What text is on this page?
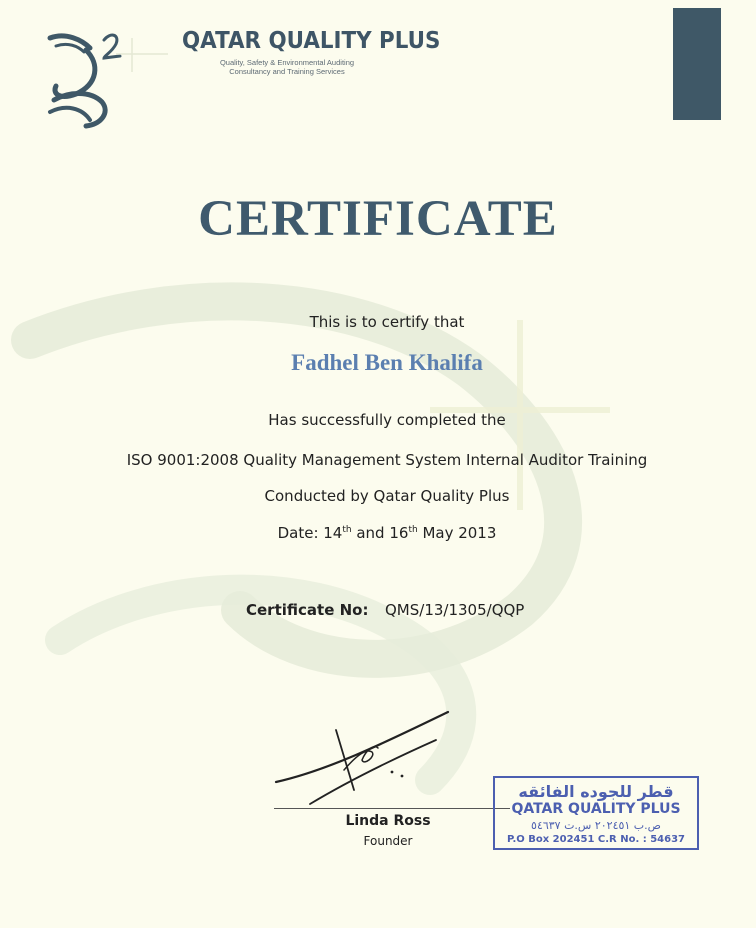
QATAR QUALITY PLUS
Quality, Safety & Environmental Auditing
Consultancy and Training Services
CERTIFICATE
This is to certify that
Fadhel Ben Khalifa
Has successfully completed the
ISO 9001:2008 Quality Management System Internal Auditor Training
Conducted by Qatar Quality Plus
Date: 14th and 16th May 2013
Certificate No: QMS/13/1305/QQP
Linda Ross
Founder
قطر للجوده الفائقه
QATAR QUALITY PLUS
ص.ب ٢٠٢٤٥١ س.ت ٥٤٦٣٧
P.O Box 202451 C.R No. : 54637
